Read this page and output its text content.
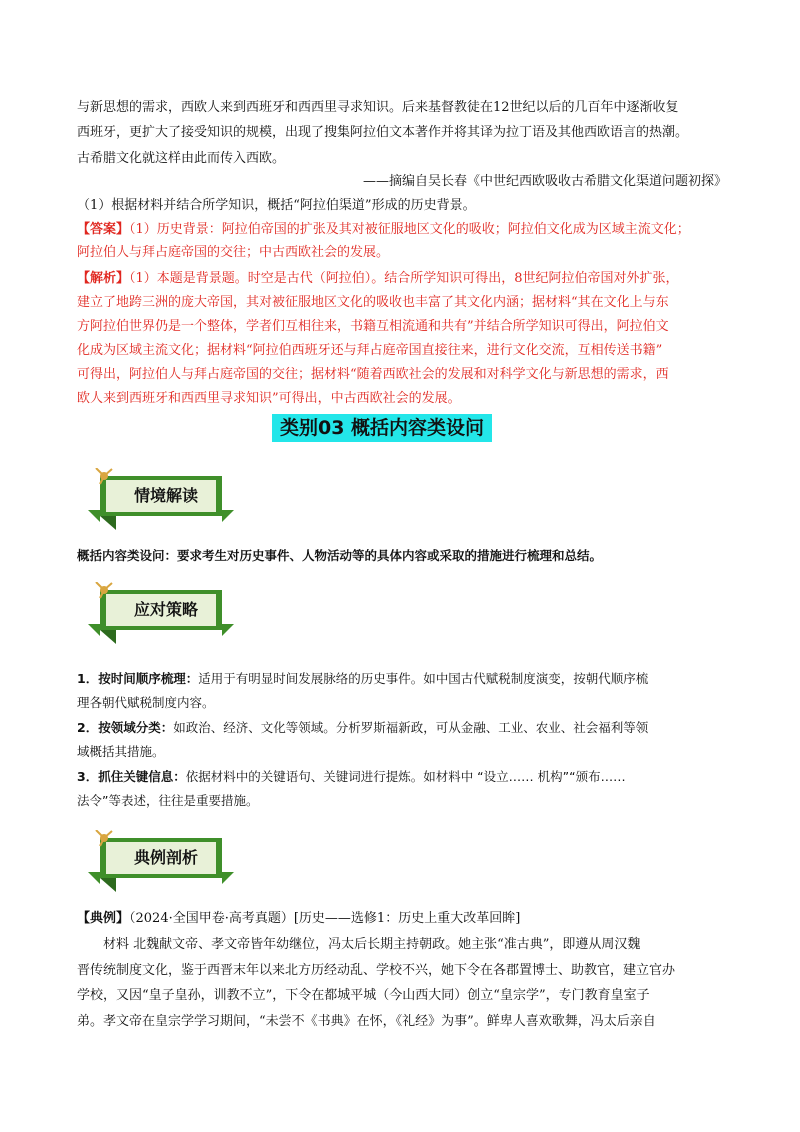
与新思想的需求，西欧人来到西班牙和西西里寻求知识。后来基督教徒在12世纪以后的几百年中逐渐收复
西班牙，更扩大了接受知识的规模，出现了搜集阿拉伯文本著作并将其译为拉丁语及其他西欧语言的热潮。
古希腊文化就这样由此而传入西欧。
——摘编自吴长春《中世纪西欧吸收古希腊文化渠道问题初探》
（1）根据材料并结合所学知识，概括“阿拉伯渠道”形成的历史背景。
【答案】（1）历史背景：阿拉伯帝国的扩张及其对被征服地区文化的吸收；阿拉伯文化成为区域主流文化；
阿拉伯人与拜占庭帝国的交往；中古西欧社会的发展。
【解析】（1）本题是背景题。时空是古代（阿拉伯）。结合所学知识可得出，8世纪阿拉伯帝国对外扩张，
建立了地跨三洲的庞大帝国，其对被征服地区文化的吸收也丰富了其文化内涵；据材料“其在文化上与东
方阿拉伯世界仍是一个整体，学者们互相往来，书籍互相流通和共有”并结合所学知识可得出，阿拉伯文
化成为区域主流文化；据材料“阿拉伯西班牙还与拜占庭帝国直接往来，进行文化交流，互相传送书籍”
可得出，阿拉伯人与拜占庭帝国的交往；据材料“随着西欧社会的发展和对科学文化与新思想的需求，西
欧人来到西班牙和西西里寻求知识”可得出，中古西欧社会的发展。
类别03 概括内容类设问
情境解读
概括内容类设问：要求考生对历史事件、人物活动等的具体内容或采取的措施进行梳理和总结。
应对策略
1．按时间顺序梳理：适用于有明显时间发展脉络的历史事件。如中国古代赋税制度演变，按朝代顺序梳
理各朝代赋税制度内容。
2．按领域分类：如政治、经济、文化等领域。分析罗斯福新政，可从金融、工业、农业、社会福利等领
域概括其措施。
3．抓住关键信息：依据材料中的关键语句、关键词进行提炼。如材料中 “设立…… 机构”“颁布……
法令”等表述，往往是重要措施。
典例剖析
【典例】（2024·全国甲卷·高考真题）[历史——选修1：历史上重大改革回眸]
材料 北魏献文帝、孝文帝皆年幼继位，冯太后长期主持朝政。她主张“准古典”，即遵从周汉魏
晋传统制度文化，鉴于西晋末年以来北方历经动乱、学校不兴，她下令在各郡置博士、助教官，建立官办
学校，又因“皇子皇孙，训教不立”，下令在都城平城（今山西大同）创立“皇宗学”，专门教育皇室子
弟。孝文帝在皇宗学学习期间，“未尝不《书典》在怀，《礼经》为事”。鲜卑人喜欢歌舞，冯太后亲自
